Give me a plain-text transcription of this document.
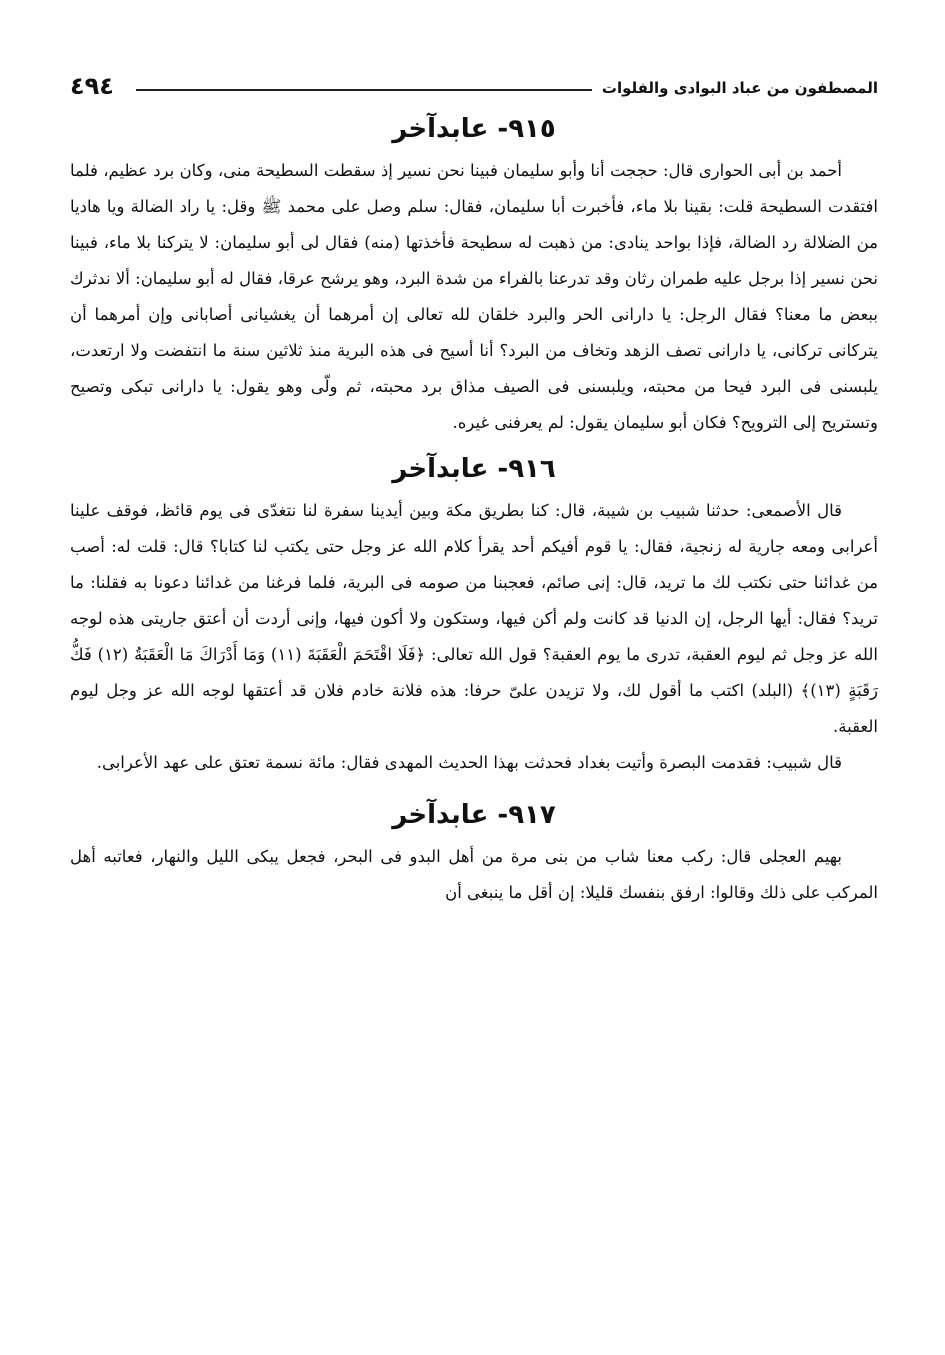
٤٩٤	المصطفون من عباد البوادى والفلوات
٩١٥- عابدآخر

أحمد بن أبى الحوارى قال: حججت أنا وأبو سليمان فبينا نحن نسير إذ سقطت السطيحة منى، وكان برد عظيم، فلما افتقدت السطيحة قلت: بقينا بلا ماء، فأخبرت أبا سليمان، فقال: سلم وصل على محمد ﷺ وقل: يا راد الضالة ويا هاديا من الضلالة رد الضالة، فإذا بواحد ينادى: من ذهبت له سطيحة فأخذتها (منه) فقال لى أبو سليمان: لا يتركنا بلا ماء، فبينا نحن نسير إذا برجل عليه طمران رثان وقد تدرعنا بالفراء من شدة البرد، وهو يرشح عرقا، فقال له أبو سليمان: ألا ندثرك ببعض ما معنا؟ فقال الرجل: يا دارانى الحر والبرد خلقان لله تعالى إن أمرهما أن يغشيانى أصابانى وإن أمرهما أن يتركانى تركانى، يا دارانى تصف الزهد وتخاف من البرد؟ أنا أسيح فى هذه البرية منذ ثلاثين سنة ما انتفضت ولا ارتعدت، يلبسنى فى البرد فيحا من محبته، ويلبسنى فى الصيف مذاق برد محبته، ثم ولّى وهو يقول: يا دارانى تبكى وتصيح وتستريح إلى الترويح؟ فكان أبو سليمان يقول: لم يعرفنى غيره.

٩١٦- عابدآخر

قال الأصمعى: حدثنا شبيب بن شيبة، قال: كنا بطريق مكة وبين أيدينا سفرة لنا نتغدّى فى يوم قائظ، فوقف علينا أعرابى ومعه جارية له زنجية، فقال: يا قوم أفيكم أحد يقرأ كلام الله عز وجل حتى يكتب لنا كتابا؟ قال: قلت له: أصب من غدائنا حتى نكتب لك ما تريد، قال: إنى صائم، فعجبنا من صومه فى البرية، فلما فرغنا من غدائنا دعونا به فقلنا: ما تريد؟ فقال: أيها الرجل، إن الدنيا قد كانت ولم أكن فيها، وستكون ولا أكون فيها، وإنى أردت أن أعتق جاريتى هذه لوجه الله عز وجل ثم ليوم العقبة، تدرى ما يوم العقبة؟ قول الله تعالى: ﴿فَلَا اقْتَحَمَ الْعَقَبَةَ (١١) وَمَا أَدْرَاكَ مَا الْعَقَبَةُ (١٢) فَكُّ رَقَبَةٍ (١٣)﴾ (البلد) اكتب ما أقول لك، ولا تزيدن علىّ حرفا: هذه فلانة خادم فلان قد أعتقها لوجه الله عز وجل ليوم العقبة.

قال شبيب: فقدمت البصرة وأتيت بغداد فحدثت بهذا الحديث المهدى فقال: مائة نسمة تعتق على عهد الأعرابى.

٩١٧- عابدآخر

بهيم العجلى قال: ركب معنا شاب من بنى مرة من أهل البدو فى البحر، فجعل يبكى الليل والنهار، فعاتبه أهل المركب على ذلك وقالوا: ارفق بنفسك قليلا: إن أقل ما ينبغى أن
